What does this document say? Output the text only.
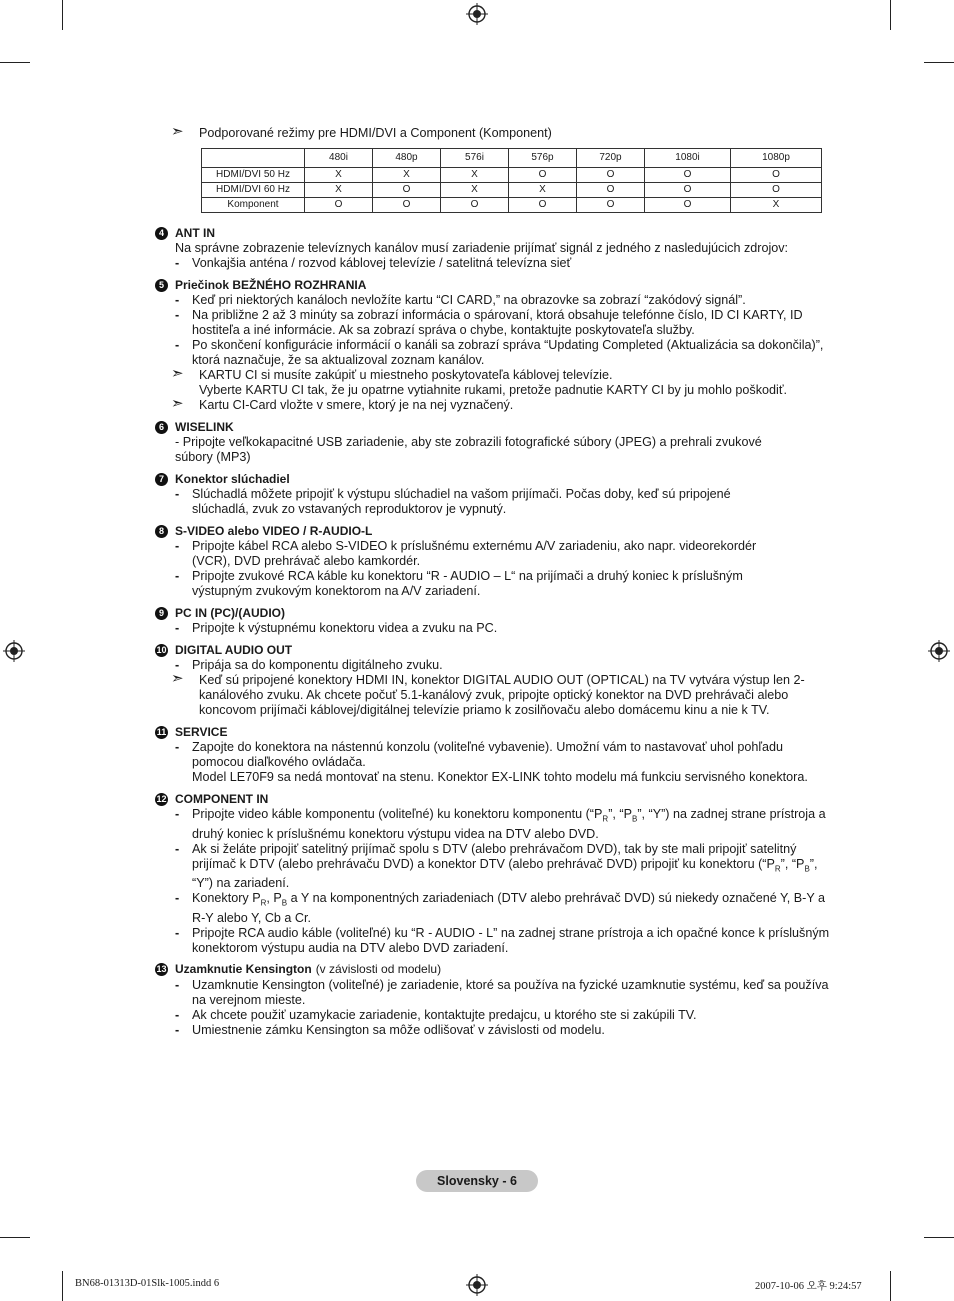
➣ Podporované režimy pre HDMI/DVI a Component (Komponent)
	480i	480p	576i	576p	720p	1080i	1080p
HDMI/DVI 50 Hz	X	X	X	O	O	O	O
HDMI/DVI 60 Hz	X	O	X	X	O	O	O
Komponent	O	O	O	O	O	O	X
4 ANT IN
Na správne zobrazenie televíznych kanálov musí zariadenie prijímať signál z jedného z nasledujúcich zdrojov:
- Vonkajšia anténa / rozvod káblovej televízie / satelitná televízna sieť
5 Priečinok BEŽNÉHO ROZHRANIA
- Keď pri niektorých kanáloch nevložíte kartu “CI CARD,” na obrazovke sa zobrazí “zakódový signál”.
- Na približne 2 až 3 minúty sa zobrazí informácia o spárovaní, ktorá obsahuje telefónne číslo, ID CI KARTY, ID hostiteľa a iné informácie. Ak sa zobrazí správa o chybe, kontaktujte poskytovateľa služby.
- Po skončení konfigurácie informácií o kanáli sa zobrazí správa “Updating Completed (Aktualizácia sa dokončila)”, ktorá naznačuje, že sa aktualizoval zoznam kanálov.
➣ KARTU CI si musíte zakúpiť u miestneho poskytovateľa káblovej televízie.
Vyberte KARTU CI tak, že ju opatrne vytiahnite rukami, pretože padnutie KARTY CI by ju mohlo poškodiť.
➣ Kartu CI-Card vložte v smere, ktorý je na nej vyznačený.
6 WISELINK
- Pripojte veľkokapacitné USB zariadenie, aby ste zobrazili fotografické súbory (JPEG) a prehrali zvukové súbory (MP3)
7 Konektor slúchadiel
- Slúchadlá môžete pripojiť k výstupu slúchadiel na vašom prijímači. Počas doby, keď sú pripojené slúchadlá, zvuk zo vstavaných reproduktorov je vypnutý.
8 S-VIDEO alebo VIDEO / R-AUDIO-L
- Pripojte kábel RCA alebo S-VIDEO k príslušnému externému A/V zariadeniu, ako napr. videorekordér (VCR), DVD prehrávač alebo kamkordér.
- Pripojte zvukové RCA káble ku konektoru “R - AUDIO – L“ na prijímači a druhý koniec k príslušným výstupným zvukovým konektorom na A/V zariadení.
9 PC IN (PC)/(AUDIO)
- Pripojte k výstupnému konektoru videa a zvuku na PC.
10 DIGITAL AUDIO OUT
- Pripája sa do komponentu digitálneho zvuku.
➣ Keď sú pripojené konektory HDMI IN, konektor DIGITAL AUDIO OUT (OPTICAL) na TV vytvára výstup len 2-kanálového zvuku. Ak chcete počuť 5.1-kanálový zvuk, pripojte optický konektor na DVD prehrávači alebo koncovom prijímači káblovej/digitálnej televízie priamo k zosilňovaču alebo domácemu kinu a nie k TV.
11 SERVICE
- Zapojte do konektora na nástennú konzolu (voliteľné vybavenie). Umožní vám to nastavovať uhol pohľadu pomocou diaľkového ovládača.
Model LE70F9 sa nedá montovať na stenu. Konektor EX-LINK tohto modelu má funkciu servisného konektora.
12 COMPONENT IN
- Pripojte video káble komponentu (voliteľné) ku konektoru komponentu (“$P_R$”, “$P_B$”, “Y”) na zadnej strane prístroja a druhý koniec k príslušnému konektoru výstupu videa na DTV alebo DVD.
- Ak si želáte pripojiť satelitný prijímač spolu s DTV (alebo prehrávačom DVD), tak by ste mali pripojiť satelitný prijímač k DTV (alebo prehrávaču DVD) a konektor DTV (alebo prehrávač DVD) pripojiť ku konektoru (“$P_R$”, “$P_B$”, “Y”) na zariadení.
- Konektory $P_R$, $P_B$ a Y na komponentných zariadeniach (DTV alebo prehrávač DVD) sú niekedy označené Y, B-Y a R-Y alebo Y, Cb a Cr.
- Pripojte RCA audio káble (voliteľné) ku “R - AUDIO - L” na zadnej strane prístroja a ich opačné konce k príslušným konektorom výstupu audia na DTV alebo DVD zariadení.
13 Uzamknutie Kensington (v závislosti od modelu)
- Uzamknutie Kensington (voliteľné) je zariadenie, ktoré sa používa na fyzické uzamknutie systému, keď sa používa na verejnom mieste.
- Ak chcete použiť uzamykacie zariadenie, kontaktujte predajcu, u ktorého ste si zakúpili TV.
- Umiestnenie zámku Kensington sa môže odlišovať v závislosti od modelu.
Slovensky - 6
BN68-01313D-01Slk-1005.indd 6	2007-10-06 오후 9:24:57
